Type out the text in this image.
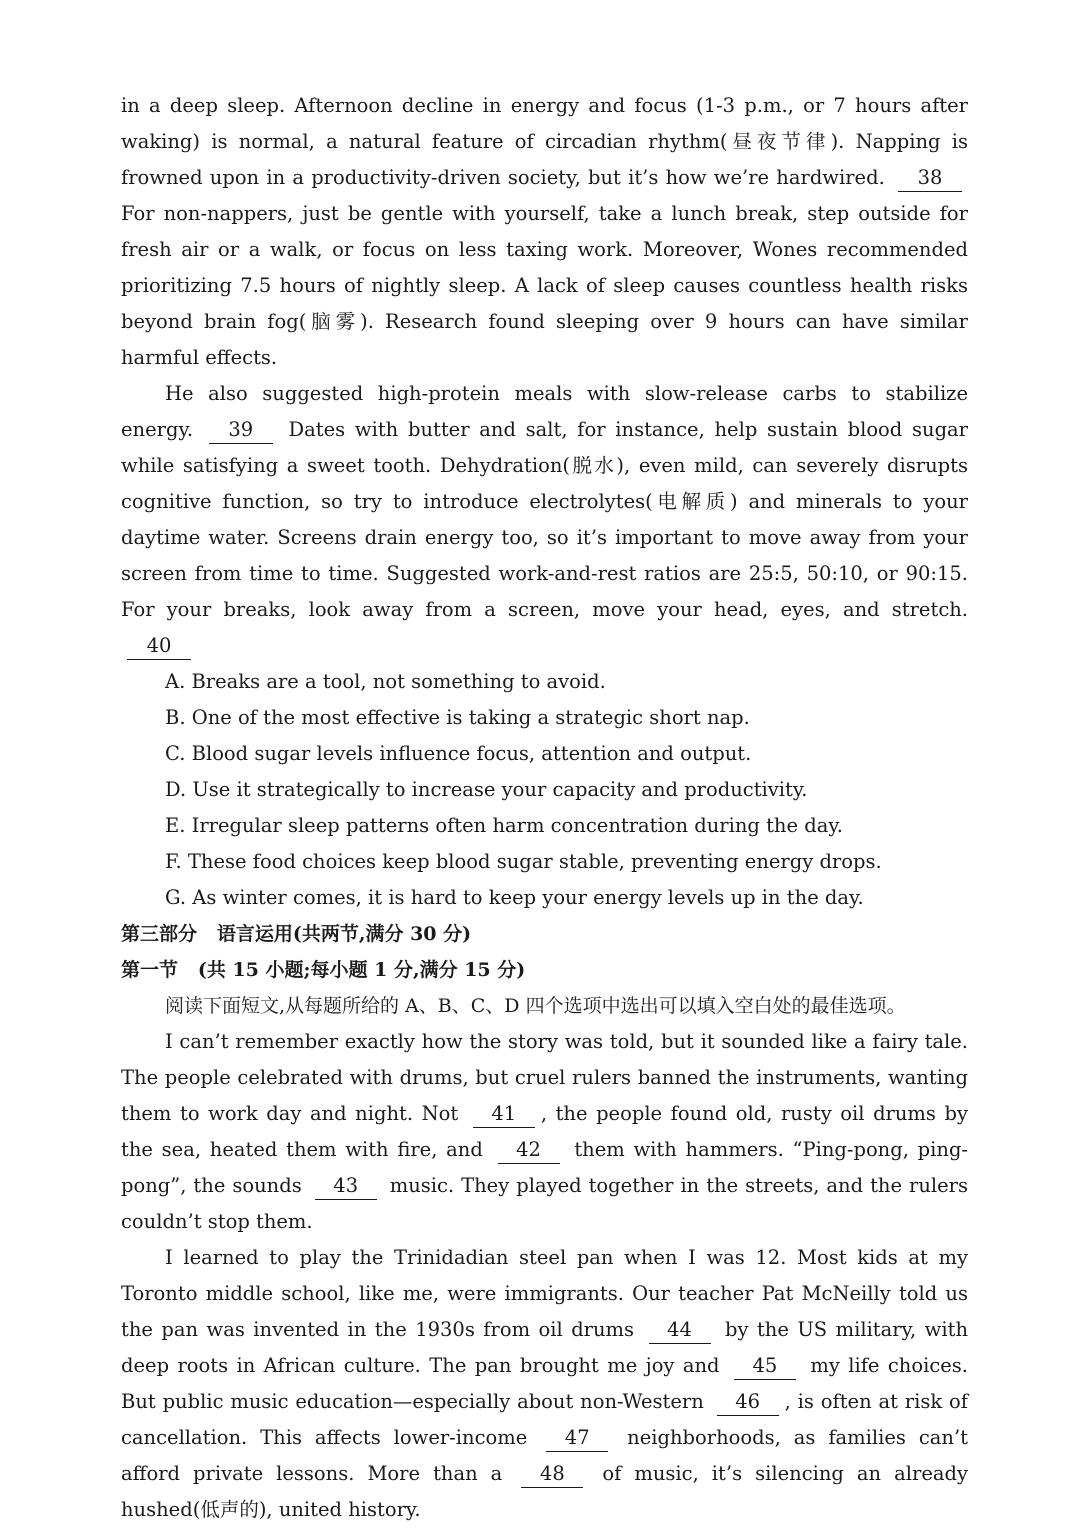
in a deep sleep. Afternoon decline in energy and focus (1-3 p.m., or 7 hours after waking) is normal, a natural feature of circadian rhythm(昼夜节律). Napping is frowned upon in a productivity-driven society, but it’s how we’re hardwired. 38 For non-nappers, just be gentle with yourself, take a lunch break, step outside for fresh air or a walk, or focus on less taxing work. Moreover, Wones recommended prioritizing 7.5 hours of nightly sleep. A lack of sleep causes countless health risks beyond brain fog(脑雾). Research found sleeping over 9 hours can have similar harmful effects.

He also suggested high-protein meals with slow-release carbs to stabilize energy. 39 Dates with butter and salt, for instance, help sustain blood sugar while satisfying a sweet tooth. Dehydration(脱水), even mild, can severely disrupts cognitive function, so try to introduce electrolytes(电解质) and minerals to your daytime water. Screens drain energy too, so it’s important to move away from your screen from time to time. Suggested work-and-rest ratios are 25:5, 50:10, or 90:15. For your breaks, look away from a screen, move your head, eyes, and stretch. 40

A. Breaks are a tool, not something to avoid.
B. One of the most effective is taking a strategic short nap.
C. Blood sugar levels influence focus, attention and output.
D. Use it strategically to increase your capacity and productivity.
E. Irregular sleep patterns often harm concentration during the day.
F. These food choices keep blood sugar stable, preventing energy drops.
G. As winter comes, it is hard to keep your energy levels up in the day.

第三部分   语言运用(共两节,满分 30 分)

第一节   (共 15 小题;每小题 1 分,满分 15 分)

阅读下面短文,从每题所给的 A、B、C、D 四个选项中选出可以填入空白处的最佳选项。

I can’t remember exactly how the story was told, but it sounded like a fairy tale. The people celebrated with drums, but cruel rulers banned the instruments, wanting them to work day and night. Not 41 , the people found old, rusty oil drums by the sea, heated them with fire, and 42 them with hammers. “Ping-pong, ping-pong”, the sounds 43 music. They played together in the streets, and the rulers couldn’t stop them.

I learned to play the Trinidadian steel pan when I was 12. Most kids at my Toronto middle school, like me, were immigrants. Our teacher Pat McNeilly told us the pan was invented in the 1930s from oil drums 44 by the US military, with deep roots in African culture. The pan brought me joy and 45 my life choices. But public music education—especially about non-Western 46 , is often at risk of cancellation. This affects lower-income 47 neighborhoods, as families can’t afford private lessons. More than a 48 of music, it’s silencing an already hushed(低声的), united history.
